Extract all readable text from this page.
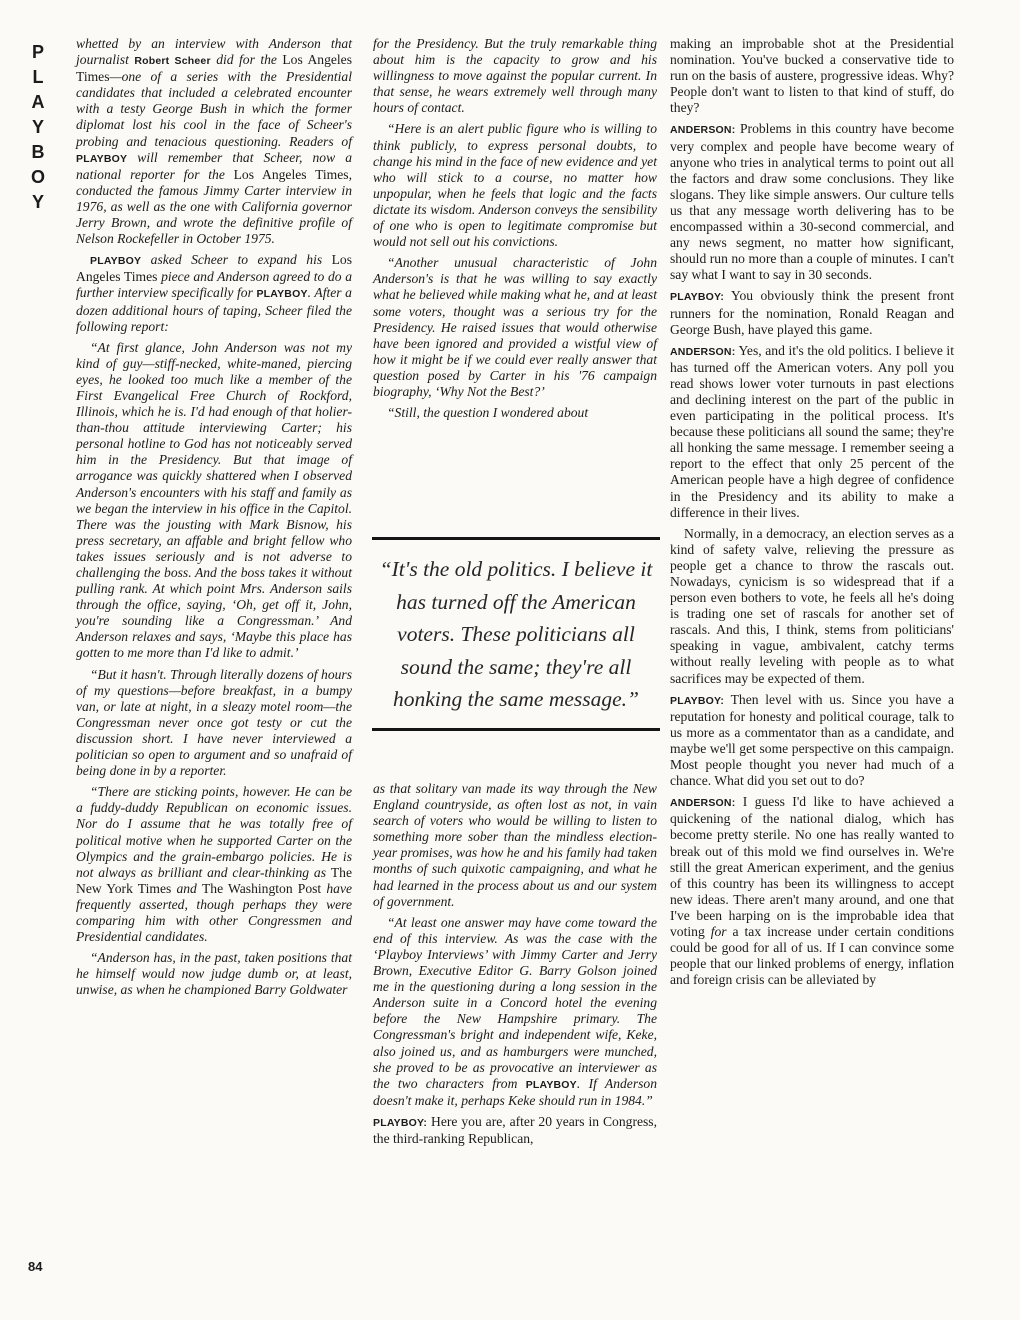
P
L
A
Y
B
O
Y
84

whetted by an interview with Anderson that journalist Robert Scheer did for the Los Angeles Times—one of a series with the Presidential candidates that included a celebrated encounter with a testy George Bush in which the former diplomat lost his cool in the face of Scheer's probing and tenacious questioning. Readers of PLAYBOY will remember that Scheer, now a national reporter for the Los Angeles Times, conducted the famous Jimmy Carter interview in 1976, as well as the one with California governor Jerry Brown, and wrote the definitive profile of Nelson Rockefeller in October 1975.

PLAYBOY asked Scheer to expand his Los Angeles Times piece and Anderson agreed to do a further interview specifically for PLAYBOY. After a dozen additional hours of taping, Scheer filed the following report:

“At first glance, John Anderson was not my kind of guy—stiff-necked, white-maned, piercing eyes, he looked too much like a member of the First Evangelical Free Church of Rockford, Illinois, which he is. I'd had enough of that holier-than-thou attitude interviewing Carter; his personal hotline to God has not noticeably served him in the Presidency. But that image of arrogance was quickly shattered when I observed Anderson's encounters with his staff and family as we began the interview in his office in the Capitol. There was the jousting with Mark Bisnow, his press secretary, an affable and bright fellow who takes issues seriously and is not adverse to challenging the boss. And the boss takes it without pulling rank. At which point Mrs. Anderson sails through the office, saying, ‘Oh, get off it, John, you're sounding like a Congressman.’ And Anderson relaxes and says, ‘Maybe this place has gotten to me more than I'd like to admit.’

“But it hasn't. Through literally dozens of hours of my questions—before breakfast, in a bumpy van, or late at night, in a sleazy motel room—the Congressman never once got testy or cut the discussion short. I have never interviewed a politician so open to argument and so unafraid of being done in by a reporter.

“There are sticking points, however. He can be a fuddy-duddy Republican on economic issues. Nor do I assume that he was totally free of political motive when he supported Carter on the Olympics and the grain-embargo policies. He is not always as brilliant and clear-thinking as The New York Times and The Washington Post have frequently asserted, though perhaps they were comparing him with other Congressmen and Presidential candidates.

“Anderson has, in the past, taken positions that he himself would now judge dumb or, at least, unwise, as when he championed Barry Goldwater

for the Presidency. But the truly remarkable thing about him is the capacity to grow and his willingness to move against the popular current. In that sense, he wears extremely well through many hours of contact.

“Here is an alert public figure who is willing to think publicly, to express personal doubts, to change his mind in the face of new evidence and yet who will stick to a course, no matter how unpopular, when he feels that logic and the facts dictate its wisdom. Anderson conveys the sensibility of one who is open to legitimate compromise but would not sell out his convictions.

“Another unusual characteristic of John Anderson's is that he was willing to say exactly what he believed while making what he, and at least some voters, thought was a serious try for the Presidency. He raised issues that would otherwise have been ignored and provided a wistful view of how it might be if we could ever really answer that question posed by Carter in his '76 campaign biography, ‘Why Not the Best?’

“Still, the question I wondered about

“It's the old politics. I believe it has turned off the American voters. These politicians all sound the same; they're all honking the same message.”

as that solitary van made its way through the New England countryside, as often lost as not, in vain search of voters who would be willing to listen to something more sober than the mindless election-year promises, was how he and his family had taken months of such quixotic campaigning, and what he had learned in the process about us and our system of government.

“At least one answer may have come toward the end of this interview. As was the case with the ‘Playboy Interviews’ with Jimmy Carter and Jerry Brown, Executive Editor G. Barry Golson joined me in the questioning during a long session in the Anderson suite in a Concord hotel the evening before the New Hampshire primary. The Congressman's bright and independent wife, Keke, also joined us, and as hamburgers were munched, she proved to be as provocative an interviewer as the two characters from PLAYBOY. If Anderson doesn't make it, perhaps Keke should run in 1984.”

PLAYBOY: Here you are, after 20 years in Congress, the third-ranking Republican,

making an improbable shot at the Presidential nomination. You've bucked a conservative tide to run on the basis of austere, progressive ideas. Why? People don't want to listen to that kind of stuff, do they?

ANDERSON: Problems in this country have become very complex and people have become weary of anyone who tries in analytical terms to point out all the factors and draw some conclusions. They like slogans. They like simple answers. Our culture tells us that any message worth delivering has to be encompassed within a 30-second commercial, and any news segment, no matter how significant, should run no more than a couple of minutes. I can't say what I want to say in 30 seconds.

PLAYBOY: You obviously think the present front runners for the nomination, Ronald Reagan and George Bush, have played this game.

ANDERSON: Yes, and it's the old politics. I believe it has turned off the American voters. Any poll you read shows lower voter turnouts in past elections and declining interest on the part of the public in even participating in the political process. It's because these politicians all sound the same; they're all honking the same message. I remember seeing a report to the effect that only 25 percent of the American people have a high degree of confidence in the Presidency and its ability to make a difference in their lives.

Normally, in a democracy, an election serves as a kind of safety valve, relieving the pressure as people get a chance to throw the rascals out. Nowadays, cynicism is so widespread that if a person even bothers to vote, he feels all he's doing is trading one set of rascals for another set of rascals. And this, I think, stems from politicians' speaking in vague, ambivalent, catchy terms without really leveling with people as to what sacrifices may be expected of them.

PLAYBOY: Then level with us. Since you have a reputation for honesty and political courage, talk to us more as a commentator than as a candidate, and maybe we'll get some perspective on this campaign. Most people thought you never had much of a chance. What did you set out to do?

ANDERSON: I guess I'd like to have achieved a quickening of the national dialog, which has become pretty sterile. No one has really wanted to break out of this mold we find ourselves in. We're still the great American experiment, and the genius of this country has been its willingness to accept new ideas. There aren't many around, and one that I've been harping on is the improbable idea that voting for a tax increase under certain conditions could be good for all of us. If I can convince some people that our linked problems of energy, inflation and foreign crisis can be alleviated by
